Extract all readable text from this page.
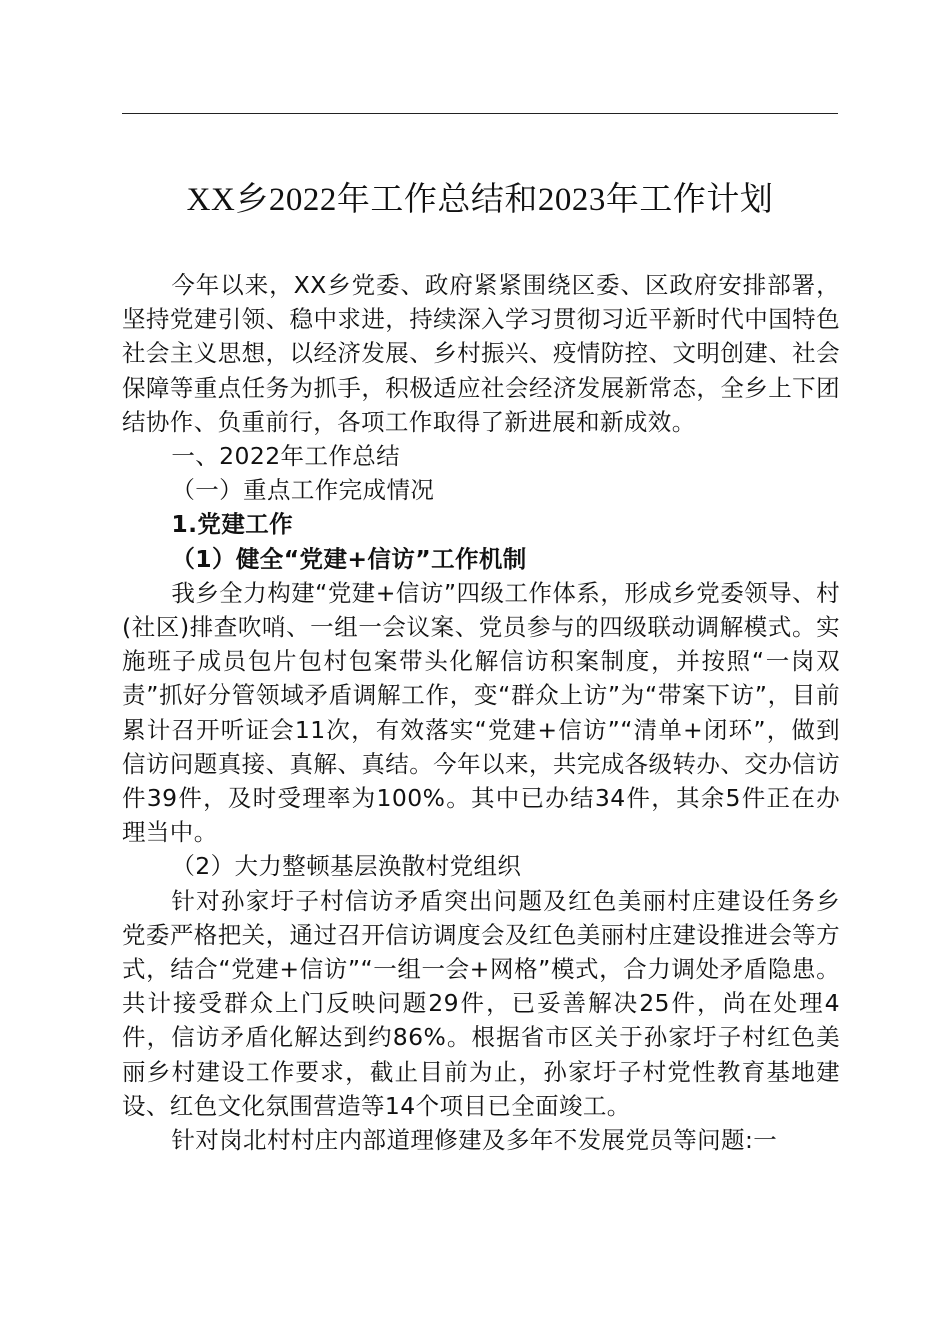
XX乡2022年工作总结和2023年工作计划

今年以来，XX乡党委、政府紧紧围绕区委、区政府安排部署，坚持党建引领、稳中求进，持续深入学习贯彻习近平新时代中国特色社会主义思想，以经济发展、乡村振兴、疫情防控、文明创建、社会保障等重点任务为抓手，积极适应社会经济发展新常态，全乡上下团结协作、负重前行，各项工作取得了新进展和新成效。

一、2022年工作总结

（一）重点工作完成情况

1.党建工作

（1）健全“党建+信访”工作机制

我乡全力构建“党建+信访”四级工作体系，形成乡党委领导、村(社区)排查吹哨、一组一会议案、党员参与的四级联动调解模式。实施班子成员包片包村包案带头化解信访积案制度，并按照“一岗双责”抓好分管领域矛盾调解工作，变“群众上访”为“带案下访”，目前累计召开听证会11次，有效落实“党建+信访”“清单+闭环”，做到信访问题真接、真解、真结。今年以来，共完成各级转办、交办信访件39件，及时受理率为100%。其中已办结34件，其余5件正在办理当中。

（2）大力整顿基层涣散村党组织

针对孙家圩子村信访矛盾突出问题及红色美丽村庄建设任务乡党委严格把关，通过召开信访调度会及红色美丽村庄建设推进会等方式，结合“党建+信访”“一组一会+网格”模式，合力调处矛盾隐患。共计接受群众上门反映问题29件，已妥善解决25件，尚在处理4件，信访矛盾化解达到约86%。根据省市区关于孙家圩子村红色美丽乡村建设工作要求，截止目前为止，孙家圩子村党性教育基地建设、红色文化氛围营造等14个项目已全面竣工。

针对岗北村村庄内部道理修建及多年不发展党员等问题:一
